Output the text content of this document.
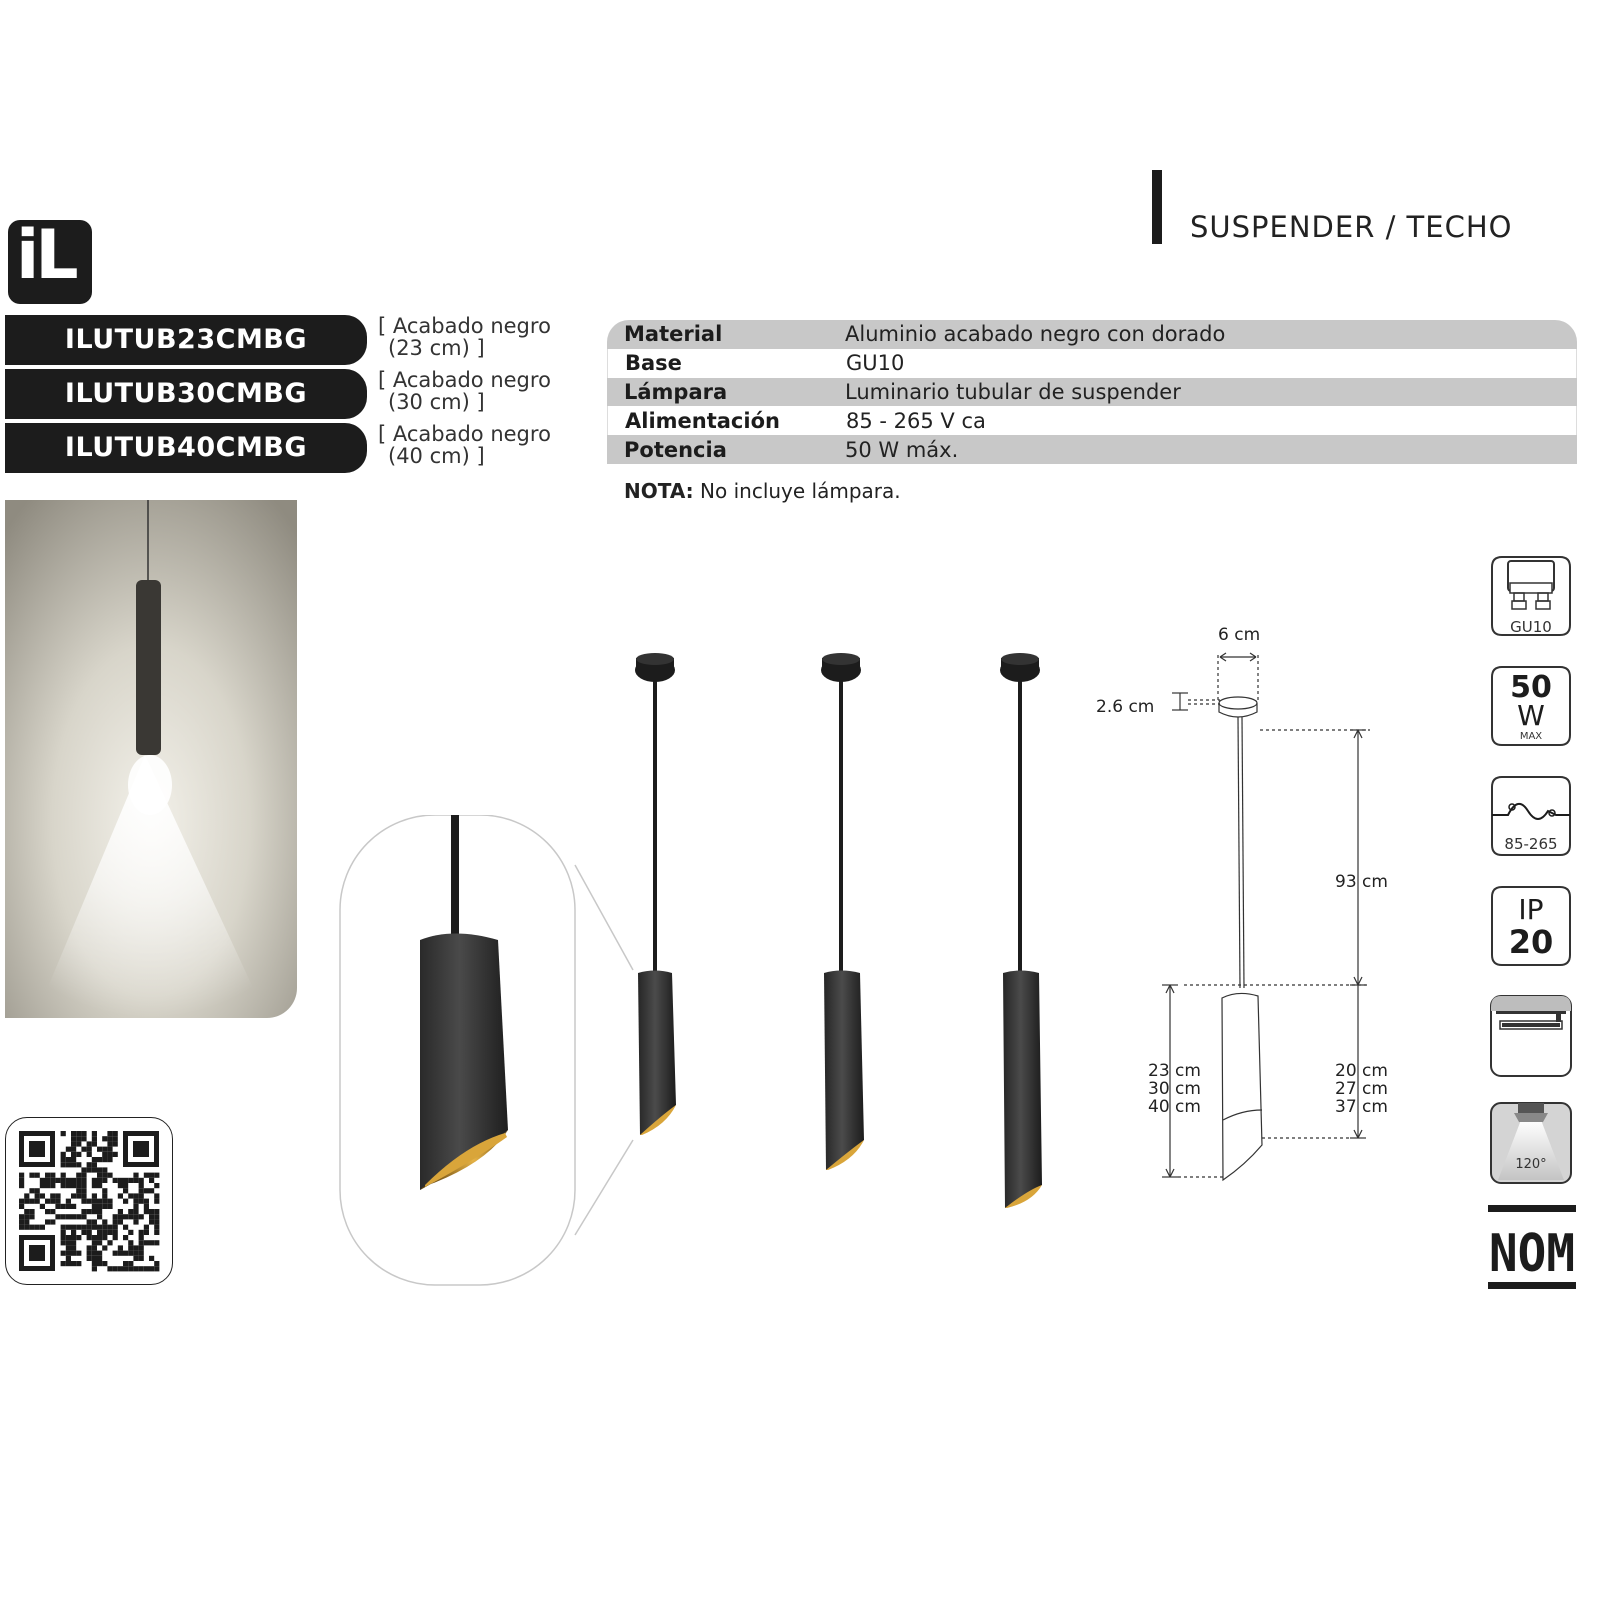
SUSPENDER / TECHO
iL
ILUTUB23CMBG	[ Acabado negro
(23 cm) ]
ILUTUB30CMBG	[ Acabado negro
(30 cm) ]
ILUTUB40CMBG	[ Acabado negro
(40 cm) ]
Material	Aluminio acabado negro con dorado
Base	GU10
Lámpara	Luminario tubular de suspender
Alimentación	85 - 265 V ca
Potencia	50 W máx.
NOTA: No incluye lámpara.
6 cm
2.6 cm
93 cm
23 cm
30 cm
40 cm
20 cm
27 cm
37 cm
GU10
50
W
MAX
85-265
IP
20
120°
NOM
